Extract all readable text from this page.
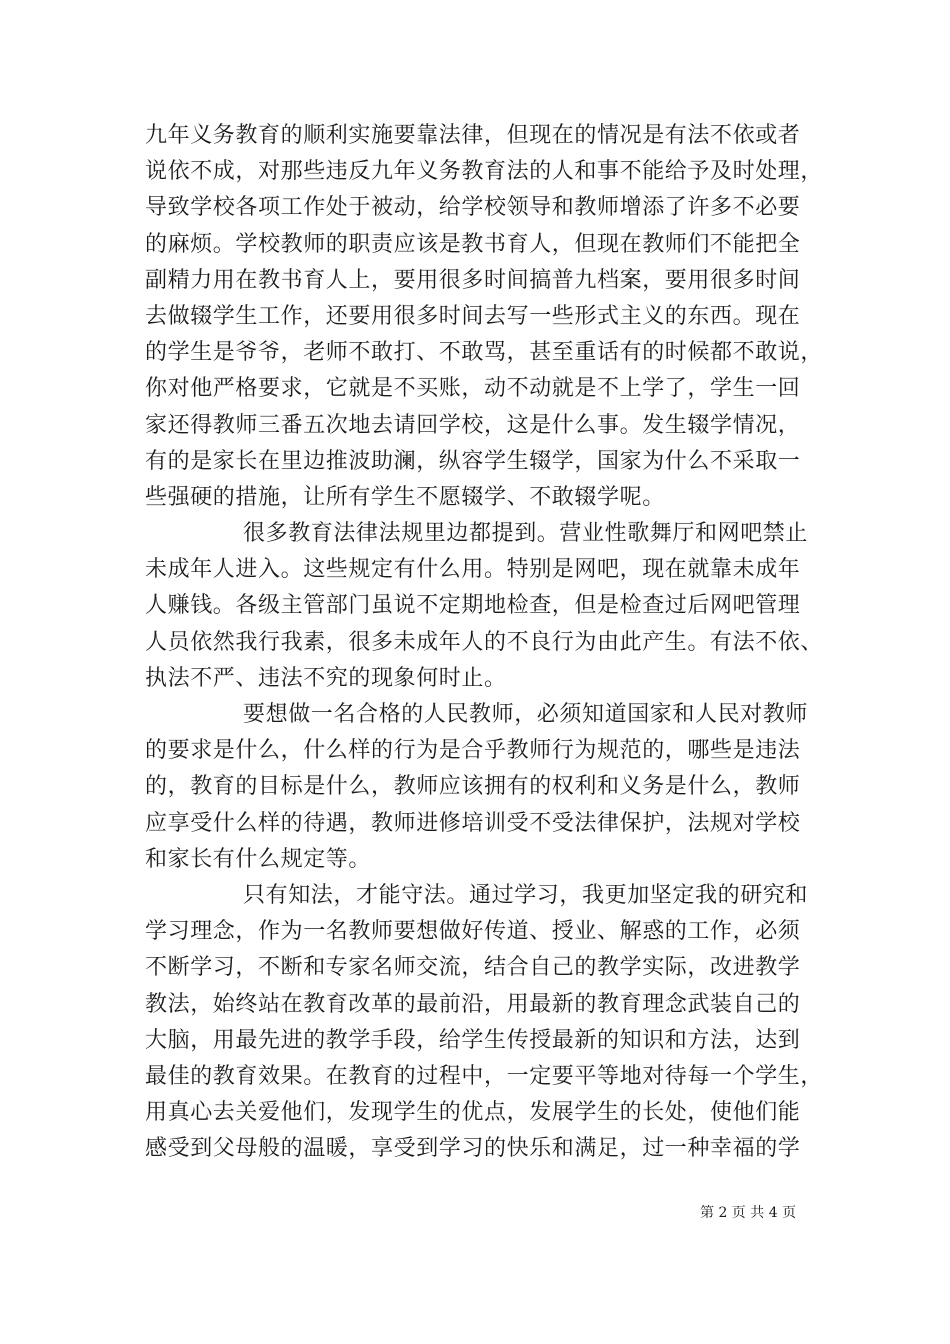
九年义务教育的顺利实施要靠法律，但现在的情况是有法不依或者
说依不成，对那些违反九年义务教育法的人和事不能给予及时处理，
导致学校各项工作处于被动，给学校领导和教师增添了许多不必要
的麻烦。学校教师的职责应该是教书育人，但现在教师们不能把全
副精力用在教书育人上，要用很多时间搞普九档案，要用很多时间
去做辍学生工作，还要用很多时间去写一些形式主义的东西。现在
的学生是爷爷，老师不敢打、不敢骂，甚至重话有的时候都不敢说，
你对他严格要求，它就是不买账，动不动就是不上学了，学生一回
家还得教师三番五次地去请回学校，这是什么事。发生辍学情况，
有的是家长在里边推波助澜，纵容学生辍学，国家为什么不采取一
些强硬的措施，让所有学生不愿辍学、不敢辍学呢。
很多教育法律法规里边都提到。营业性歌舞厅和网吧禁止
未成年人进入。这些规定有什么用。特别是网吧，现在就靠未成年
人赚钱。各级主管部门虽说不定期地检查，但是检查过后网吧管理
人员依然我行我素，很多未成年人的不良行为由此产生。有法不依、
执法不严、违法不究的现象何时止。
要想做一名合格的人民教师，必须知道国家和人民对教师
的要求是什么，什么样的行为是合乎教师行为规范的，哪些是违法
的，教育的目标是什么，教师应该拥有的权利和义务是什么，教师
应享受什么样的待遇，教师进修培训受不受法律保护，法规对学校
和家长有什么规定等。
只有知法，才能守法。通过学习，我更加坚定我的研究和
学习理念，作为一名教师要想做好传道、授业、解惑的工作，必须
不断学习，不断和专家名师交流，结合自己的教学实际，改进教学
教法，始终站在教育改革的最前沿，用最新的教育理念武装自己的
大脑，用最先进的教学手段，给学生传授最新的知识和方法，达到
最佳的教育效果。在教育的过程中，一定要平等地对待每一个学生，
用真心去关爱他们，发现学生的优点，发展学生的长处，使他们能
感受到父母般的温暖，享受到学习的快乐和满足，过一种幸福的学
第 2 页 共 4 页
